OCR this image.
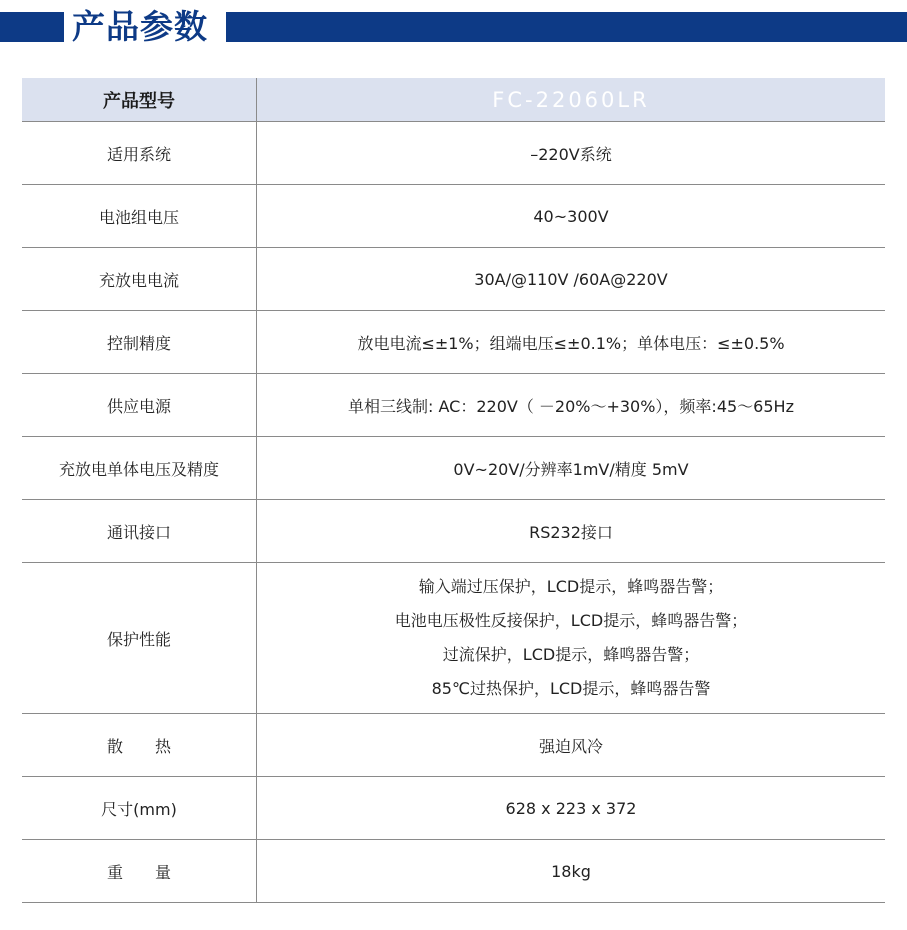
产品参数
产品型号	FC-22060LR
适用系统	–220V系统
电池组电压	40~300V
充放电电流	30A/@110V /60A@220V
控制精度	放电电流≤±1%；组端电压≤±0.1%；单体电压：≤±0.5%
供应电源	单相三线制: AC：220V（ －20%～+30%），频率:45～65Hz
充放电单体电压及精度	0V~20V/分辨率1mV/精度 5mV
通讯接口	RS232接口
保护性能	输入端过压保护，LCD提示，蜂鸣器告警；
电池电压极性反接保护，LCD提示，蜂鸣器告警；
过流保护，LCD提示，蜂鸣器告警；
85℃过热保护，LCD提示，蜂鸣器告警

散　　热	强迫风冷
尺寸(mm)	628 x 223 x 372
重　　量	18kg
